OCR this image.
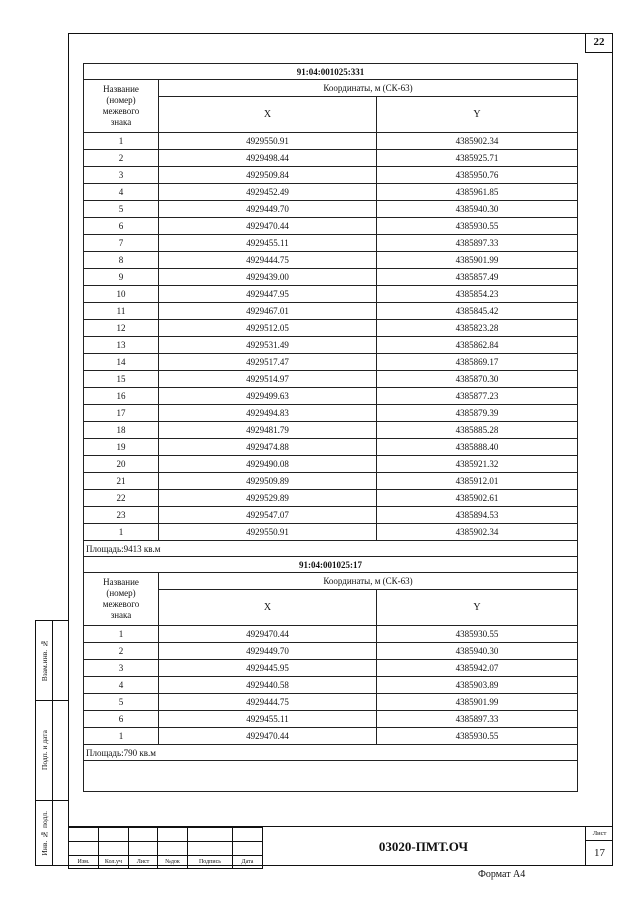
22
91:04:001025:331		

Название
(номер)
межевого
знака	Координаты, м (СК-63)	
	X	Y
1	4929550.91	4385902.34
2	4929498.44	4385925.71
3	4929509.84	4385950.76
4	4929452.49	4385961.85
5	4929449.70	4385940.30
6	4929470.44	4385930.55
7	4929455.11	4385897.33
8	4929444.75	4385901.99
9	4929439.00	4385857.49
10	4929447.95	4385854.23
11	4929467.01	4385845.42
12	4929512.05	4385823.28
13	4929531.49	4385862.84
14	4929517.47	4385869.17
15	4929514.97	4385870.30
16	4929499.63	4385877.23
17	4929494.83	4385879.39
18	4929481.79	4385885.28
19	4929474.88	4385888.40
20	4929490.08	4385921.32
21	4929509.89	4385912.01
22	4929529.89	4385902.61
23	4929547.07	4385894.53
1	4929550.91	4385902.34
Площадь:9413 кв.м		
91:04:001025:17		

Название
(номер)
межевого
знака	Координаты, м (СК-63)	
	X	Y
1	4929470.44	4385930.55
2	4929449.70	4385940.30
3	4929445.95	4385942.07
4	4929440.58	4385903.89
5	4929444.75	4385901.99
6	4929455.11	4385897.33
1	4929470.44	4385930.55
Площадь:790 кв.м		

Взам.инв. №
Подп. и дата
Инв. № подл.

Изм.	Кол.уч	Лист	№док	Подпись	Дата
03020-ПМТ.ОЧ
Лист
17
Формат А4
